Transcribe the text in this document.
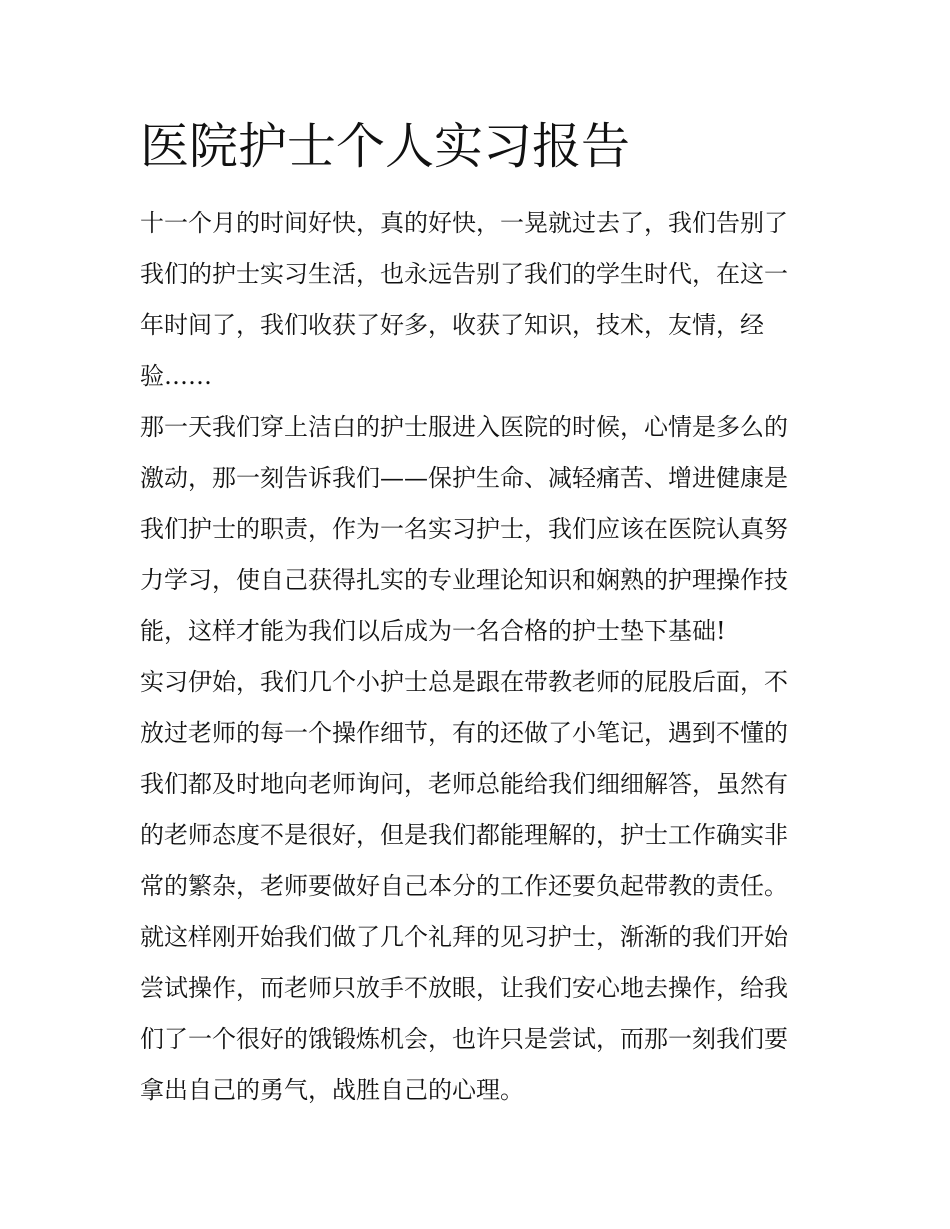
医院护士个人实习报告
十一个月的时间好快，真的好快，一晃就过去了，我们告别了
我们的护士实习生活，也永远告别了我们的学生时代，在这一
年时间了，我们收获了好多，收获了知识，技术，友情，经
验……
那一天我们穿上洁白的护士服进入医院的时候，心情是多么的
激动，那一刻告诉我们——保护生命、减轻痛苦、增进健康是
我们护士的职责，作为一名实习护士，我们应该在医院认真努
力学习，使自己获得扎实的专业理论知识和娴熟的护理操作技
能，这样才能为我们以后成为一名合格的护士垫下基础!
实习伊始，我们几个小护士总是跟在带教老师的屁股后面，不
放过老师的每一个操作细节，有的还做了小笔记，遇到不懂的
我们都及时地向老师询问，老师总能给我们细细解答，虽然有
的老师态度不是很好，但是我们都能理解的，护士工作确实非
常的繁杂，老师要做好自己本分的工作还要负起带教的责任。
就这样刚开始我们做了几个礼拜的见习护士，渐渐的我们开始
尝试操作，而老师只放手不放眼，让我们安心地去操作，给我
们了一个很好的饿锻炼机会，也许只是尝试，而那一刻我们要
拿出自己的勇气，战胜自己的心理。
